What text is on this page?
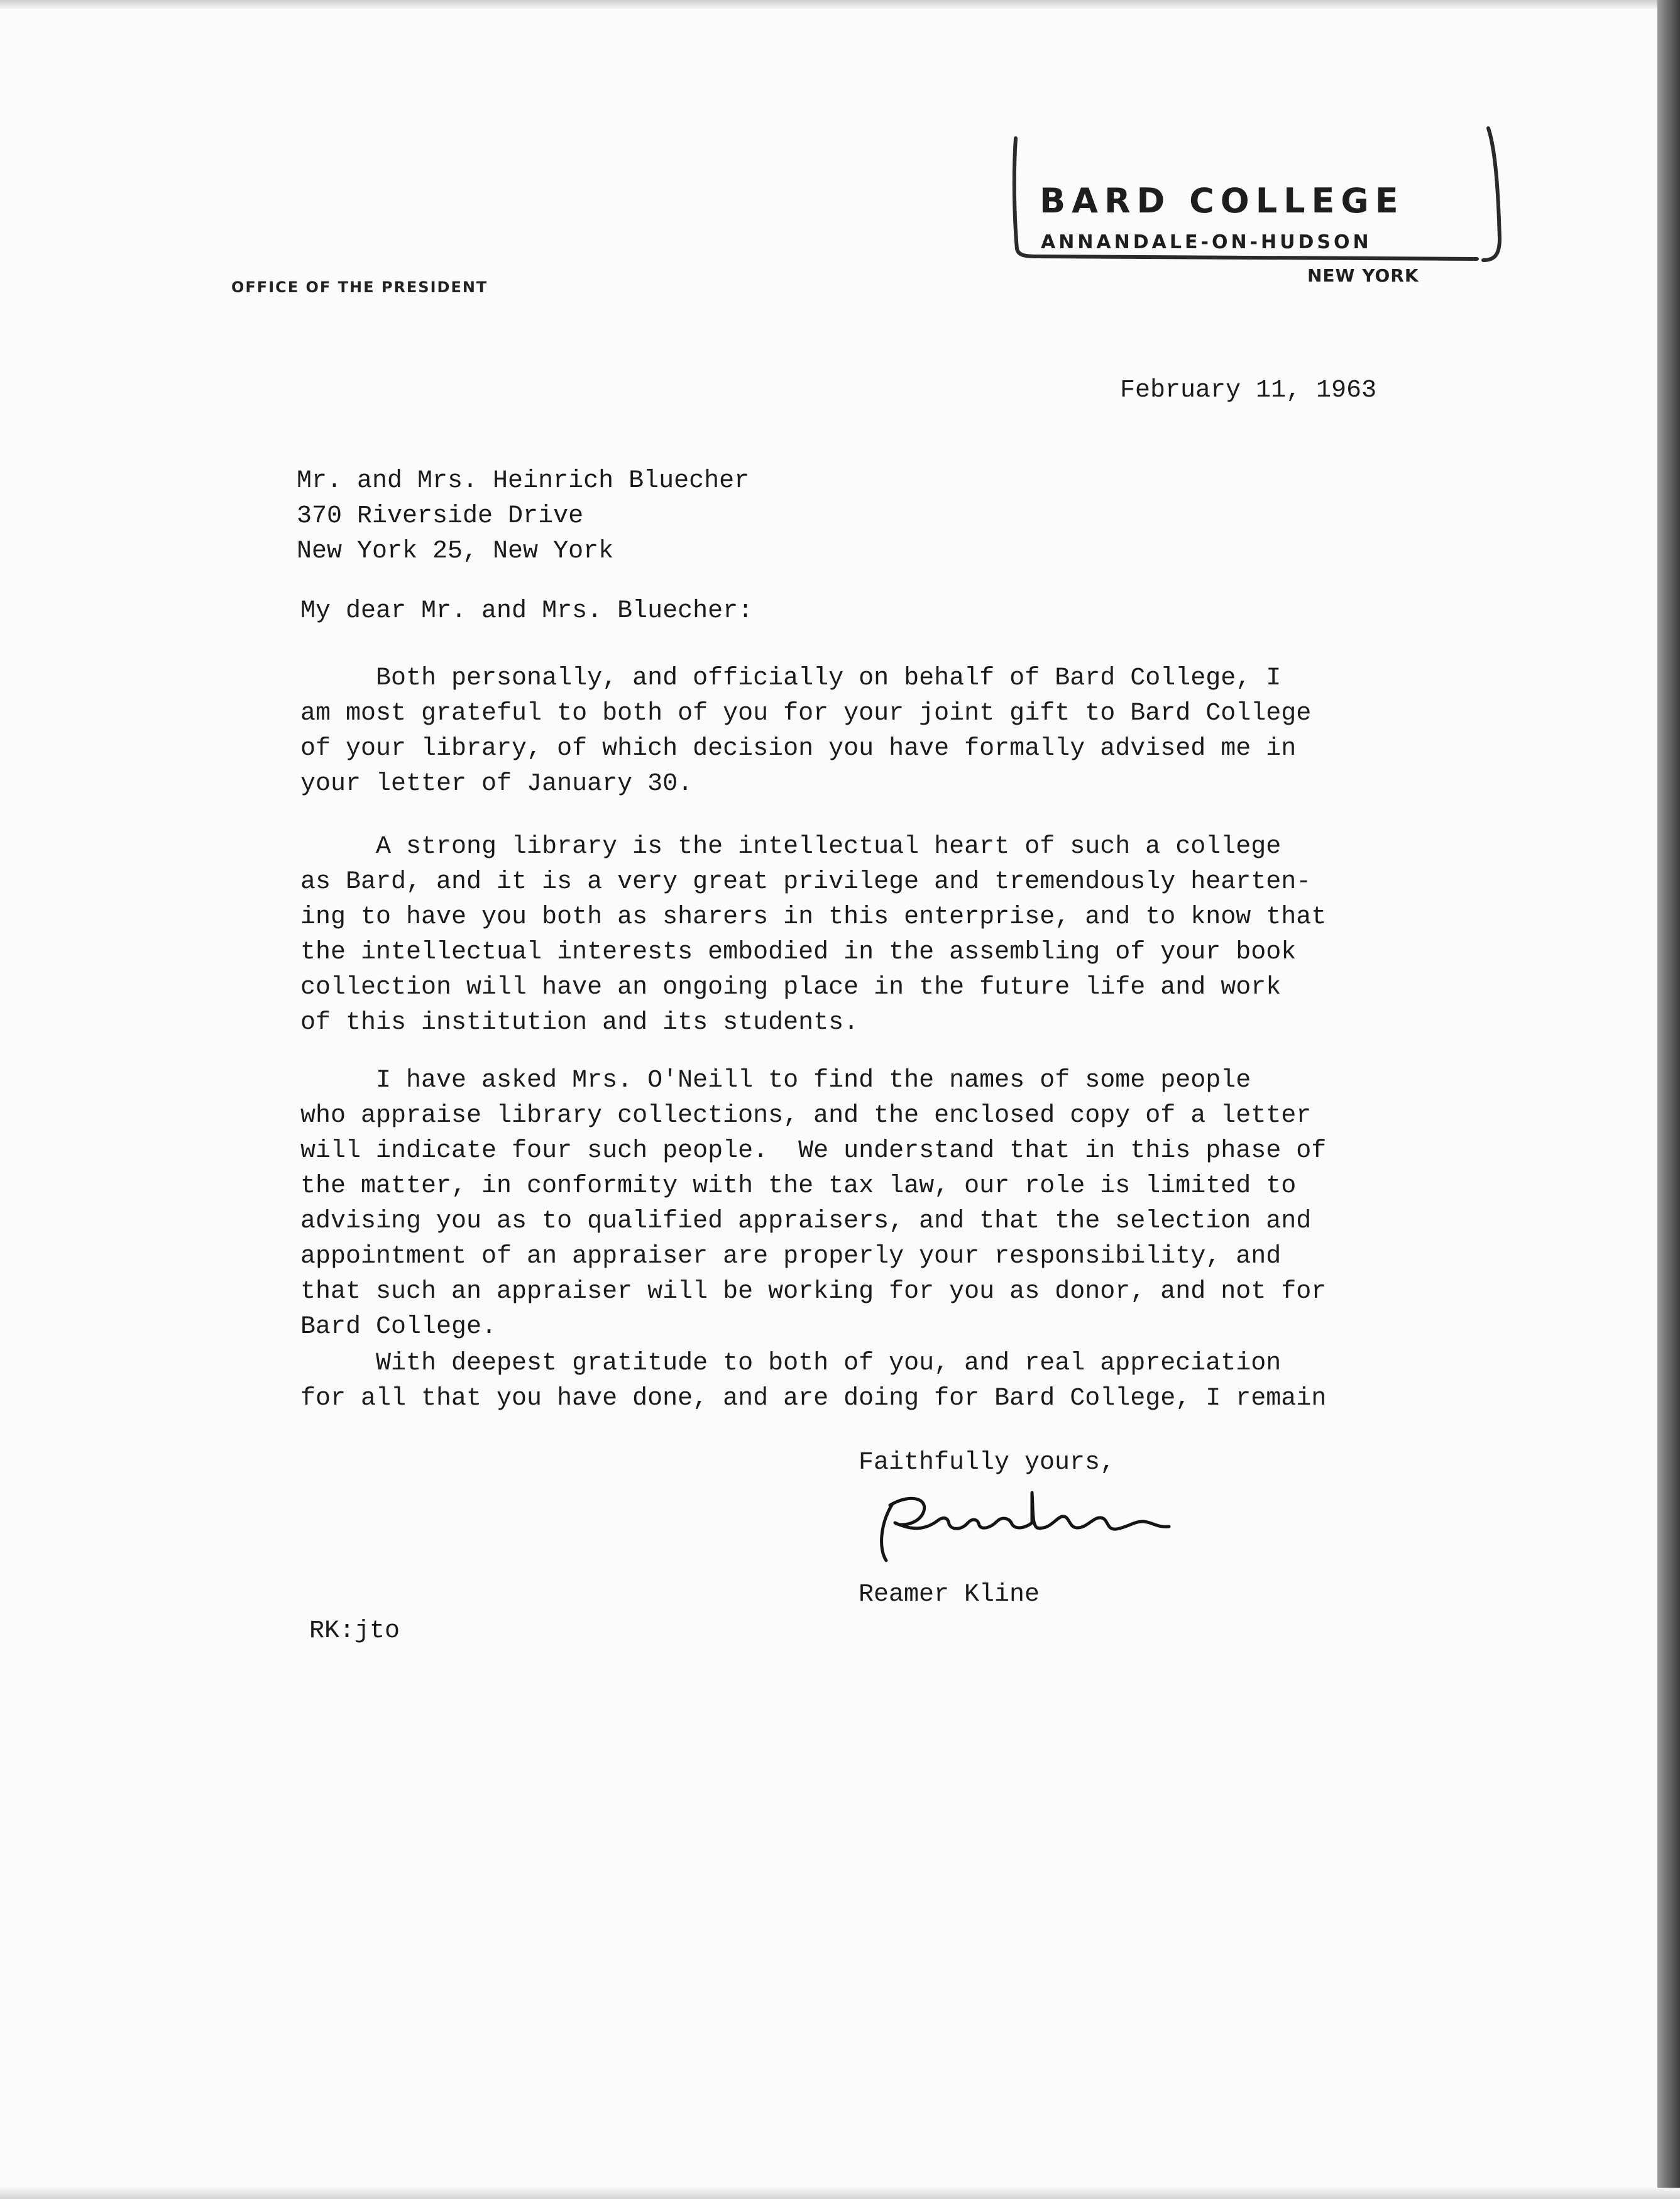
BARD COLLEGE
ANNANDALE-ON-HUDSON
NEW YORK
OFFICE OF THE PRESIDENT
February 11, 1963
Mr. and Mrs. Heinrich Bluecher
370 Riverside Drive
New York 25, New York
My dear Mr. and Mrs. Bluecher:
Both personally, and officially on behalf of Bard College, I
am most grateful to both of you for your joint gift to Bard College
of your library, of which decision you have formally advised me in
your letter of January 30.
A strong library is the intellectual heart of such a college
as Bard, and it is a very great privilege and tremendously hearten-
ing to have you both as sharers in this enterprise, and to know that
the intellectual interests embodied in the assembling of your book
collection will have an ongoing place in the future life and work
of this institution and its students.
I have asked Mrs. O'Neill to find the names of some people
who appraise library collections, and the enclosed copy of a letter
will indicate four such people.  We understand that in this phase of
the matter, in conformity with the tax law, our role is limited to
advising you as to qualified appraisers, and that the selection and
appointment of an appraiser are properly your responsibility, and
that such an appraiser will be working for you as donor, and not for
Bard College.
With deepest gratitude to both of you, and real appreciation
for all that you have done, and are doing for Bard College, I remain
Faithfully yours,
Reamer Kline
RK:jto
